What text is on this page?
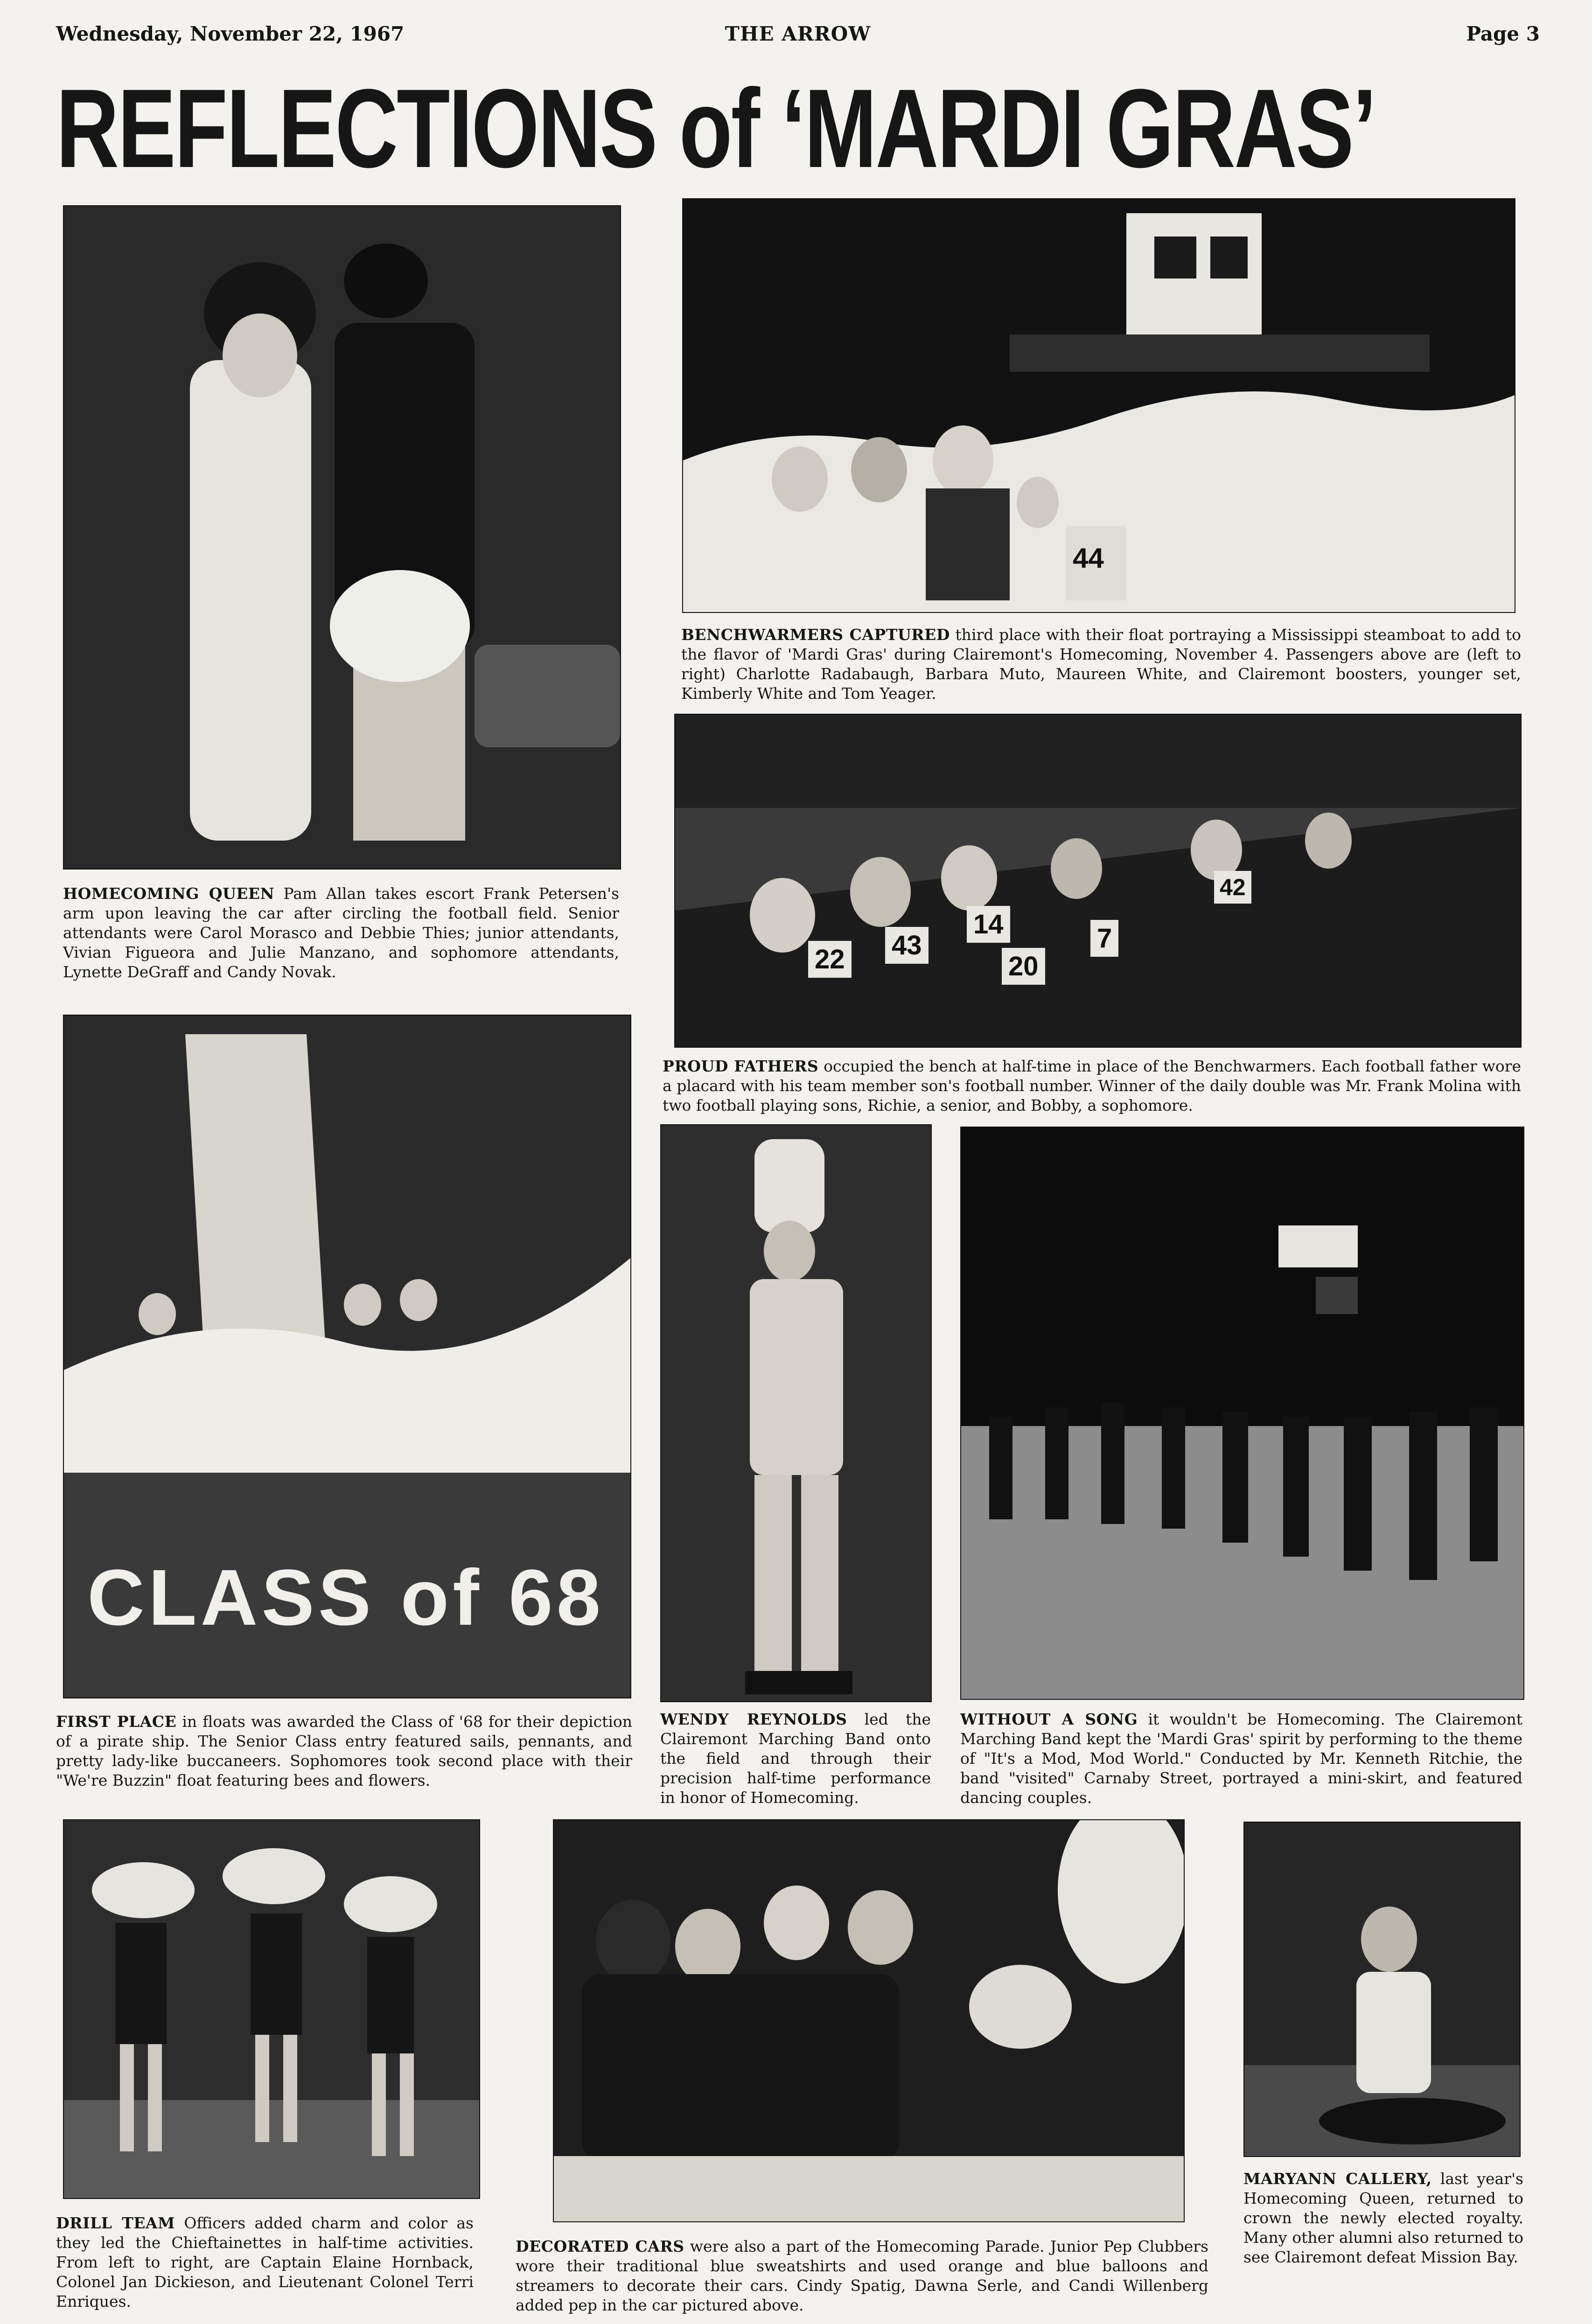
Wednesday, November 22, 1967	THE ARROW	Page 3
REFLECTIONS of ‘MARDI GRAS’
HOMECOMING QUEEN Pam Allan takes escort Frank Petersen's arm upon leaving the car after circling the football field. Senior attendants were Carol Morasco and Debbie Thies; junior attendants, Vivian Figueora and Julie Manzano, and sophomore attendants, Lynette DeGraff and Candy Novak.
44
BENCHWARMERS CAPTURED third place with their float portraying a Mississippi steamboat to add to the flavor of 'Mardi Gras' during Clairemont's Homecoming, November 4. Passengers above are (left to right) Charlotte Radabaugh, Barbara Muto, Maureen White, and Clairemont boosters, younger set, Kimberly White and Tom Yeager.
22 43
14
20
7
42
PROUD FATHERS occupied the bench at half-time in place of the Benchwarmers. Each football father wore a placard with his team member son's football number. Winner of the daily double was Mr. Frank Molina with two football playing sons, Richie, a senior, and Bobby, a sophomore.
CLASS of 68
FIRST PLACE in floats was awarded the Class of '68 for their depiction of a pirate ship. The Senior Class entry featured sails, pennants, and pretty lady-like buccaneers. Sophomores took second place with their "We're Buzzin" float featuring bees and flowers.
WENDY REYNOLDS led the Clairemont Marching Band onto the field and through their precision half-time performance in honor of Homecoming.
WITHOUT A SONG it wouldn't be Homecoming. The Clairemont Marching Band kept the 'Mardi Gras' spirit by performing to the theme of "It's a Mod, Mod World." Conducted by Mr. Kenneth Ritchie, the band "visited" Carnaby Street, portrayed a mini-skirt, and featured dancing couples.
DRILL TEAM Officers added charm and color as they led the Chieftainettes in half-time activities. From left to right, are Captain Elaine Hornback, Colonel Jan Dickieson, and Lieutenant Colonel Terri Enriques.
DECORATED CARS were also a part of the Homecoming Parade. Junior Pep Clubbers wore their traditional blue sweatshirts and used orange and blue balloons and streamers to decorate their cars. Cindy Spatig, Dawna Serle, and Candi Willenberg added pep in the car pictured above.
MARYANN CALLERY, last year's Homecoming Queen, returned to crown the newly elected royalty. Many other alumni also returned to see Clairemont defeat Mission Bay.
